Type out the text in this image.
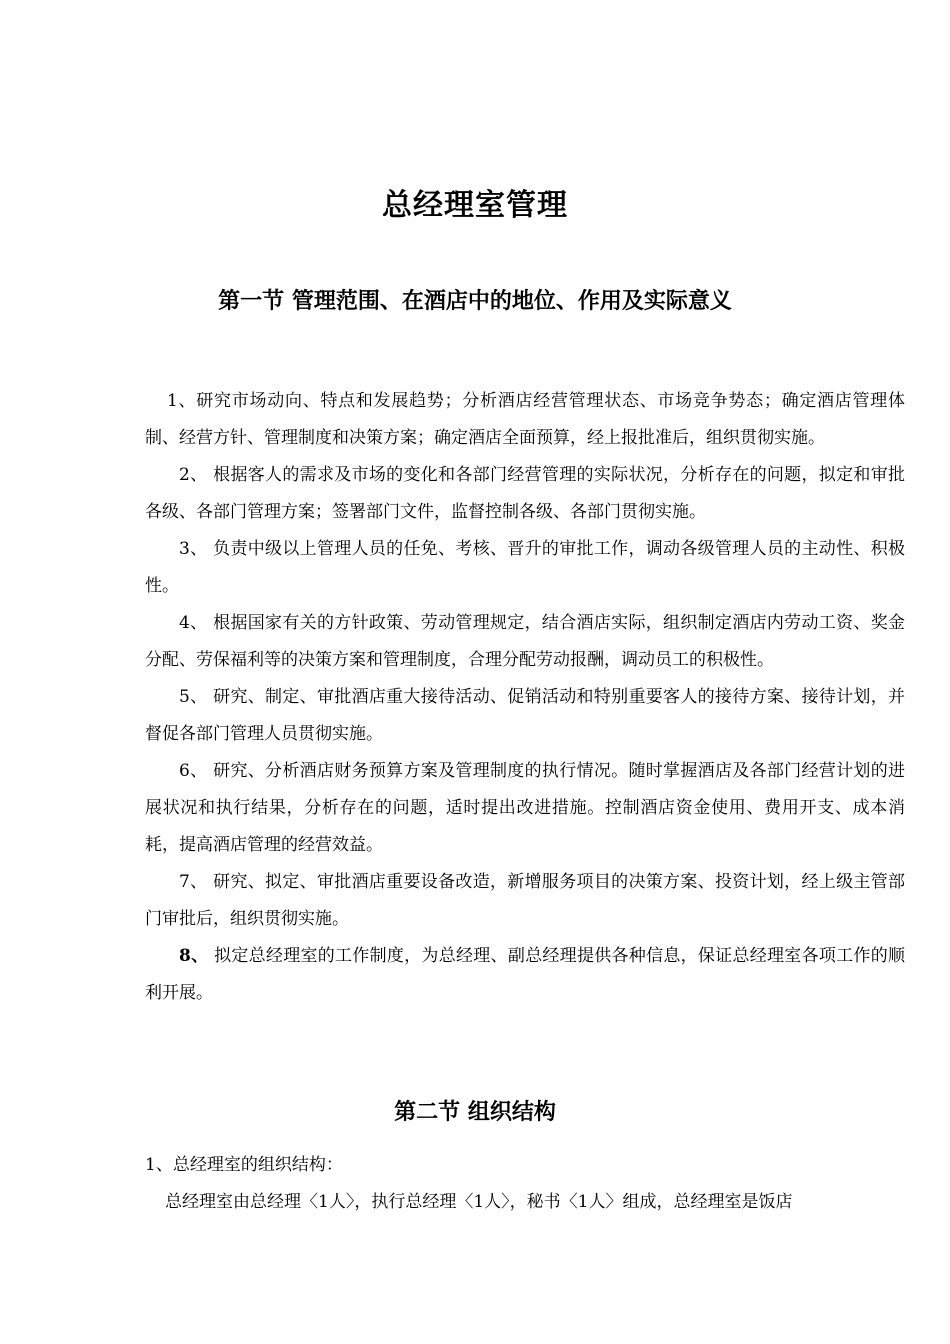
总经理室管理
第一节 管理范围、在酒店中的地位、作用及实际意义

1、研究市场动向、特点和发展趋势；分析酒店经营管理状态、市场竞争势态；确定酒店管理体制、经营方针、管理制度和决策方案；确定酒店全面预算，经上报批准后，组织贯彻实施。

2、 根据客人的需求及市场的变化和各部门经营管理的实际状况，分析存在的问题，拟定和审批各级、各部门管理方案；签署部门文件，监督控制各级、各部门贯彻实施。

3、 负责中级以上管理人员的任免、考核、晋升的审批工作，调动各级管理人员的主动性、积极性。

4、 根据国家有关的方针政策、劳动管理规定，结合酒店实际，组织制定酒店内劳动工资、奖金分配、劳保福利等的决策方案和管理制度，合理分配劳动报酬，调动员工的积极性。

5、 研究、制定、审批酒店重大接待活动、促销活动和特别重要客人的接待方案、接待计划，并督促各部门管理人员贯彻实施。

6、 研究、分析酒店财务预算方案及管理制度的执行情况。随时掌握酒店及各部门经营计划的进展状况和执行结果，分析存在的问题，适时提出改进措施。控制酒店资金使用、费用开支、成本消耗，提高酒店管理的经营效益。

7、 研究、拟定、审批酒店重要设备改造，新增服务项目的决策方案、投资计划，经上级主管部门审批后，组织贯彻实施。

8、 拟定总经理室的工作制度，为总经理、副总经理提供各种信息，保证总经理室各项工作的顺利开展。

第二节 组织结构

1、总经理室的组织结构：

总经理室由总经理〈1人〉，执行总经理〈1人〉，秘书〈1人〉组成，总经理室是饭店
